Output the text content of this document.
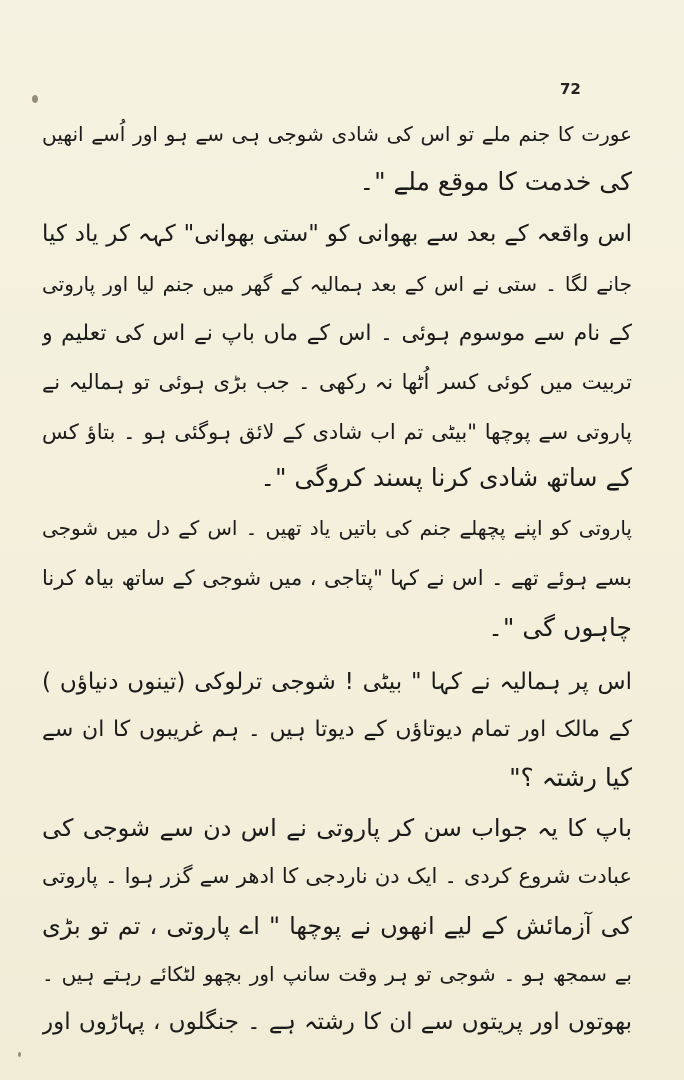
72
عورت کا جنم ملے تو اس کی شادی شوجی ہی سے ہو اور اُسے انھیں
کی خدمت کا موقع ملے "۔
اس واقعہ کے بعد سے بھوانی کو "ستی بھوانی" کہہ کر یاد کیا
جانے لگا ۔ ستی نے اس کے بعد ہمالیہ کے گھر میں جنم لیا اور پاروتی
کے نام سے موسوم ہوئی ۔ اس کے ماں باپ نے اس کی تعلیم و
تربیت میں کوئی کسر اُٹھا نہ رکھی ۔ جب بڑی ہوئی تو ہمالیہ نے
پاروتی سے پوچھا "بیٹی تم اب شادی کے لائق ہوگئی ہو ۔ بتاؤ کس
کے ساتھ شادی کرنا پسند کروگی "۔
پاروتی کو اپنے پچھلے جنم کی باتیں یاد تھیں ۔ اس کے دل میں شوجی
بسے ہوئے تھے ۔ اس نے کہا "پتاجی ، میں شوجی کے ساتھ بیاہ کرنا
چاہوں گی "۔
اس پر ہمالیہ نے کہا " بیٹی ! شوجی ترلوکی (تینوں دنیاؤں )
کے مالک اور تمام دیوتاؤں کے دیوتا ہیں ۔ ہم غریبوں کا ان سے
کیا رشتہ ؟"
باپ کا یہ جواب سن کر پاروتی نے اس دن سے شوجی کی
عبادت شروع کردی ۔ ایک دن ناردجی کا ادھر سے گزر ہوا ۔ پاروتی
کی آزمائش کے لیے انھوں نے پوچھا " اے پاروتی ، تم تو بڑی
بے سمجھ ہو ۔ شوجی تو ہر وقت سانپ اور بچھو لٹکائے رہتے ہیں ۔
بھوتوں اور پریتوں سے ان کا رشتہ ہے ۔ جنگلوں ، پہاڑوں اور
